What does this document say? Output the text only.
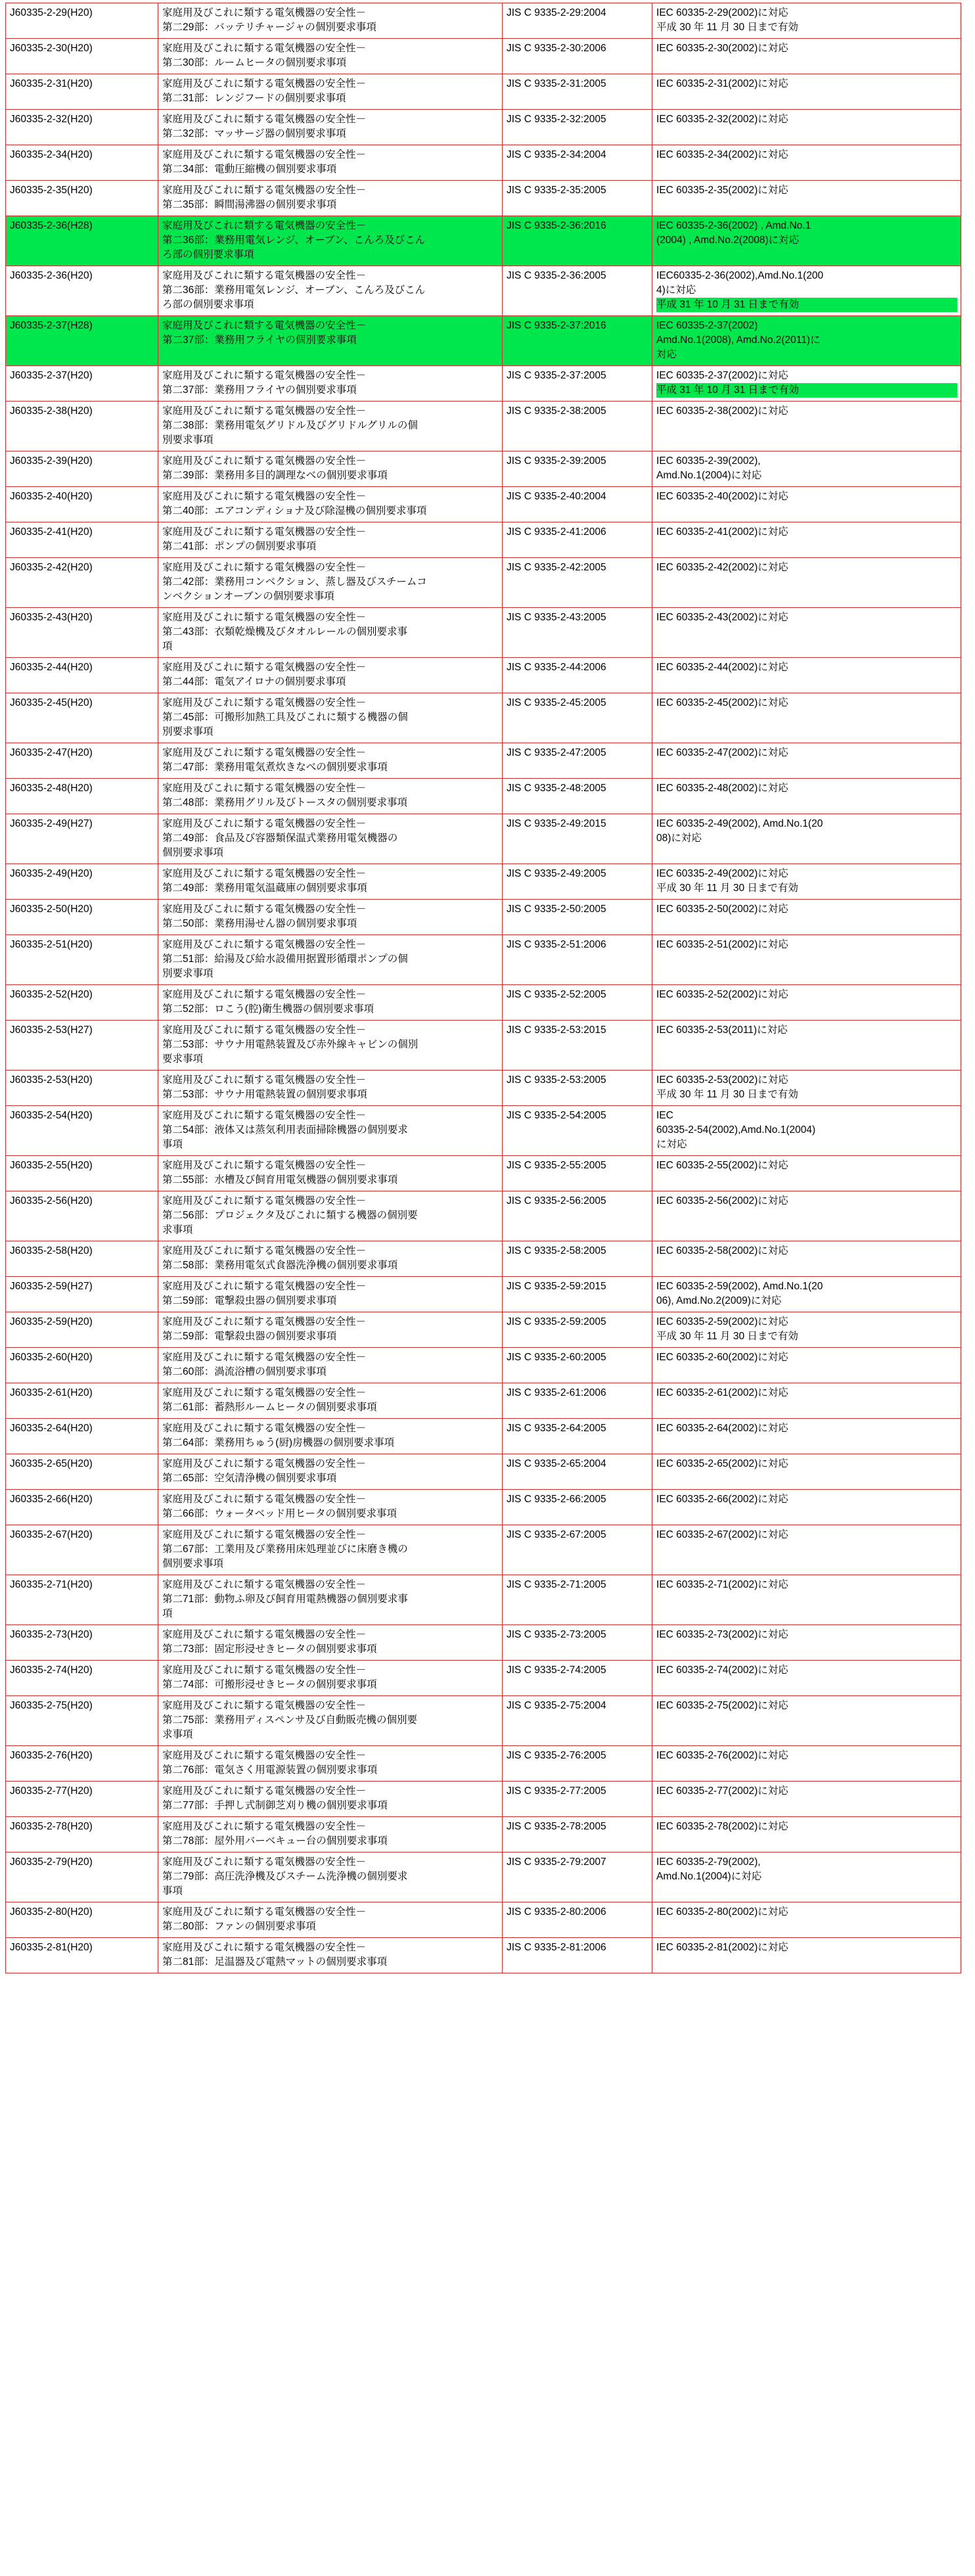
J60335-2-29(H20)	家庭用及びこれに類する電気機器の安全性－
第二29部：バッテリチャージャの個別要求事項	JIS C 9335-2-29:2004	IEC 60335-2-29(2002)に対応
平成 30 年 11 月 30 日まで有効

J60335-2-30(H20)	家庭用及びこれに類する電気機器の安全性－
第二30部：ルームヒータの個別要求事項	JIS C 9335-2-30:2006	IEC 60335-2-30(2002)に対応

J60335-2-31(H20)	家庭用及びこれに類する電気機器の安全性－
第二31部：レンジフードの個別要求事項	JIS C 9335-2-31:2005	IEC 60335-2-31(2002)に対応

J60335-2-32(H20)	家庭用及びこれに類する電気機器の安全性－
第二32部：マッサージ器の個別要求事項	JIS C 9335-2-32:2005	IEC 60335-2-32(2002)に対応

J60335-2-34(H20)	家庭用及びこれに類する電気機器の安全性－
第二34部：電動圧縮機の個別要求事項	JIS C 9335-2-34:2004	IEC 60335-2-34(2002)に対応

J60335-2-35(H20)	家庭用及びこれに類する電気機器の安全性－
第二35部：瞬間湯沸器の個別要求事項	JIS C 9335-2-35:2005	IEC 60335-2-35(2002)に対応

J60335-2-36(H28)	家庭用及びこれに類する電気機器の安全性－
第二36部：業務用電気レンジ、オーブン、こんろ及びこん
ろ部の個別要求事項	JIS C 9335-2-36:2016	IEC 60335-2-36(2002) , Amd.No.1
(2004) , Amd.No.2(2008)に対応

J60335-2-36(H20)	家庭用及びこれに類する電気機器の安全性－
第二36部：業務用電気レンジ、オーブン、こんろ及びこん
ろ部の個別要求事項	JIS C 9335-2-36:2005	IEC60335-2-36(2002),Amd.No.1(200
4)に対応
平成 31 年 10 月 31 日まで有効

J60335-2-37(H28)	家庭用及びこれに類する電気機器の安全性－
第二37部：業務用フライヤの個別要求事項	JIS C 9335-2-37:2016	IEC 60335-2-37(2002)
Amd.No.1(2008), Amd.No.2(2011)に
対応

J60335-2-37(H20)	家庭用及びこれに類する電気機器の安全性－
第二37部：業務用フライヤの個別要求事項	JIS C 9335-2-37:2005	IEC 60335-2-37(2002)に対応
平成 31 年 10 月 31 日まで有効

J60335-2-38(H20)	家庭用及びこれに類する電気機器の安全性－
第二38部：業務用電気グリドル及びグリドルグリルの個
別要求事項	JIS C 9335-2-38:2005	IEC 60335-2-38(2002)に対応

J60335-2-39(H20)	家庭用及びこれに類する電気機器の安全性－
第二39部：業務用多目的調理なべの個別要求事項	JIS C 9335-2-39:2005	IEC 60335-2-39(2002),
Amd.No.1(2004)に対応

J60335-2-40(H20)	家庭用及びこれに類する電気機器の安全性－
第二40部：エアコンディショナ及び除湿機の個別要求事項	JIS C 9335-2-40:2004	IEC 60335-2-40(2002)に対応

J60335-2-41(H20)	家庭用及びこれに類する電気機器の安全性－
第二41部：ポンプの個別要求事項	JIS C 9335-2-41:2006	IEC 60335-2-41(2002)に対応

J60335-2-42(H20)	家庭用及びこれに類する電気機器の安全性－
第二42部：業務用コンベクション、蒸し器及びスチームコ
ンベクションオーブンの個別要求事項	JIS C 9335-2-42:2005	IEC 60335-2-42(2002)に対応

J60335-2-43(H20)	家庭用及びこれに類する電気機器の安全性－
第二43部：衣類乾燥機及びタオルレールの個別要求事
項	JIS C 9335-2-43:2005	IEC 60335-2-43(2002)に対応

J60335-2-44(H20)	家庭用及びこれに類する電気機器の安全性－
第二44部：電気アイロナの個別要求事項	JIS C 9335-2-44:2006	IEC 60335-2-44(2002)に対応

J60335-2-45(H20)	家庭用及びこれに類する電気機器の安全性－
第二45部：可搬形加熱工具及びこれに類する機器の個
別要求事項	JIS C 9335-2-45:2005	IEC 60335-2-45(2002)に対応

J60335-2-47(H20)	家庭用及びこれに類する電気機器の安全性－
第二47部：業務用電気煮炊きなべの個別要求事項	JIS C 9335-2-47:2005	IEC 60335-2-47(2002)に対応

J60335-2-48(H20)	家庭用及びこれに類する電気機器の安全性－
第二48部：業務用グリル及びトースタの個別要求事項	JIS C 9335-2-48:2005	IEC 60335-2-48(2002)に対応

J60335-2-49(H27)	家庭用及びこれに類する電気機器の安全性－
第二49部：食品及び容器類保温式業務用電気機器の
個別要求事項	JIS C 9335-2-49:2015	IEC 60335-2-49(2002), Amd.No.1(20
08)に対応

J60335-2-49(H20)	家庭用及びこれに類する電気機器の安全性－
第二49部：業務用電気温蔵庫の個別要求事項	JIS C 9335-2-49:2005	IEC 60335-2-49(2002)に対応
平成 30 年 11 月 30 日まで有効

J60335-2-50(H20)	家庭用及びこれに類する電気機器の安全性－
第二50部：業務用湯せん器の個別要求事項	JIS C 9335-2-50:2005	IEC 60335-2-50(2002)に対応

J60335-2-51(H20)	家庭用及びこれに類する電気機器の安全性－
第二51部：給湯及び給水設備用据置形循環ポンプの個
別要求事項	JIS C 9335-2-51:2006	IEC 60335-2-51(2002)に対応

J60335-2-52(H20)	家庭用及びこれに類する電気機器の安全性－
第二52部：ロこう(腔)衛生機器の個別要求事項	JIS C 9335-2-52:2005	IEC 60335-2-52(2002)に対応

J60335-2-53(H27)	家庭用及びこれに類する電気機器の安全性－
第二53部：サウナ用電熱装置及び赤外線キャビンの個別
要求事項	JIS C 9335-2-53:2015	IEC 60335-2-53(2011)に対応

J60335-2-53(H20)	家庭用及びこれに類する電気機器の安全性－
第二53部：サウナ用電熱装置の個別要求事項	JIS C 9335-2-53:2005	IEC 60335-2-53(2002)に対応
平成 30 年 11 月 30 日まで有効

J60335-2-54(H20)	家庭用及びこれに類する電気機器の安全性－
第二54部：液体又は蒸気利用表面掃除機器の個別要求
事項	JIS C 9335-2-54:2005	IEC
60335-2-54(2002),Amd.No.1(2004)
に対応

J60335-2-55(H20)	家庭用及びこれに類する電気機器の安全性－
第二55部：水槽及び飼育用電気機器の個別要求事項	JIS C 9335-2-55:2005	IEC 60335-2-55(2002)に対応

J60335-2-56(H20)	家庭用及びこれに類する電気機器の安全性－
第二56部：プロジェクタ及びこれに類する機器の個別要
求事項	JIS C 9335-2-56:2005	IEC 60335-2-56(2002)に対応

J60335-2-58(H20)	家庭用及びこれに類する電気機器の安全性－
第二58部：業務用電気式食器洗浄機の個別要求事項	JIS C 9335-2-58:2005	IEC 60335-2-58(2002)に対応

J60335-2-59(H27)	家庭用及びこれに類する電気機器の安全性－
第二59部：電撃殺虫器の個別要求事項	JIS C 9335-2-59:2015	IEC 60335-2-59(2002), Amd.No.1(20
06), Amd.No.2(2009)に対応

J60335-2-59(H20)	家庭用及びこれに類する電気機器の安全性－
第二59部：電撃殺虫器の個別要求事項	JIS C 9335-2-59:2005	IEC 60335-2-59(2002)に対応
平成 30 年 11 月 30 日まで有効

J60335-2-60(H20)	家庭用及びこれに類する電気機器の安全性－
第二60部：渦流浴槽の個別要求事項	JIS C 9335-2-60:2005	IEC 60335-2-60(2002)に対応

J60335-2-61(H20)	家庭用及びこれに類する電気機器の安全性－
第二61部：蓄熱形ルームヒータの個別要求事項	JIS C 9335-2-61:2006	IEC 60335-2-61(2002)に対応

J60335-2-64(H20)	家庭用及びこれに類する電気機器の安全性－
第二64部：業務用ちゅう(厨)房機器の個別要求事項	JIS C 9335-2-64:2005	IEC 60335-2-64(2002)に対応

J60335-2-65(H20)	家庭用及びこれに類する電気機器の安全性－
第二65部：空気清浄機の個別要求事項	JIS C 9335-2-65:2004	IEC 60335-2-65(2002)に対応

J60335-2-66(H20)	家庭用及びこれに類する電気機器の安全性－
第二66部：ウォータベッド用ヒータの個別要求事項	JIS C 9335-2-66:2005	IEC 60335-2-66(2002)に対応

J60335-2-67(H20)	家庭用及びこれに類する電気機器の安全性－
第二67部：工業用及び業務用床処理並びに床磨き機の
個別要求事項	JIS C 9335-2-67:2005	IEC 60335-2-67(2002)に対応

J60335-2-71(H20)	家庭用及びこれに類する電気機器の安全性－
第二71部：動物ふ卵及び飼育用電熱機器の個別要求事
項	JIS C 9335-2-71:2005	IEC 60335-2-71(2002)に対応

J60335-2-73(H20)	家庭用及びこれに類する電気機器の安全性－
第二73部：固定形浸せきヒータの個別要求事項	JIS C 9335-2-73:2005	IEC 60335-2-73(2002)に対応

J60335-2-74(H20)	家庭用及びこれに類する電気機器の安全性－
第二74部：可搬形浸せきヒータの個別要求事項	JIS C 9335-2-74:2005	IEC 60335-2-74(2002)に対応

J60335-2-75(H20)	家庭用及びこれに類する電気機器の安全性－
第二75部：業務用ディスペンサ及び自動販売機の個別要
求事項	JIS C 9335-2-75:2004	IEC 60335-2-75(2002)に対応

J60335-2-76(H20)	家庭用及びこれに類する電気機器の安全性－
第二76部：電気さく用電源装置の個別要求事項	JIS C 9335-2-76:2005	IEC 60335-2-76(2002)に対応

J60335-2-77(H20)	家庭用及びこれに類する電気機器の安全性－
第二77部：手押し式制御芝刈り機の個別要求事項	JIS C 9335-2-77:2005	IEC 60335-2-77(2002)に対応

J60335-2-78(H20)	家庭用及びこれに類する電気機器の安全性－
第二78部：屋外用バーベキュー台の個別要求事項	JIS C 9335-2-78:2005	IEC 60335-2-78(2002)に対応

J60335-2-79(H20)	家庭用及びこれに類する電気機器の安全性－
第二79部：高圧洗浄機及びスチーム洗浄機の個別要求
事項	JIS C 9335-2-79:2007	IEC 60335-2-79(2002),
Amd.No.1(2004)に対応

J60335-2-80(H20)	家庭用及びこれに類する電気機器の安全性－
第二80部：ファンの個別要求事項	JIS C 9335-2-80:2006	IEC 60335-2-80(2002)に対応

J60335-2-81(H20)	家庭用及びこれに類する電気機器の安全性－
第二81部：足温器及び電熱マットの個別要求事項	JIS C 9335-2-81:2006	IEC 60335-2-81(2002)に対応
